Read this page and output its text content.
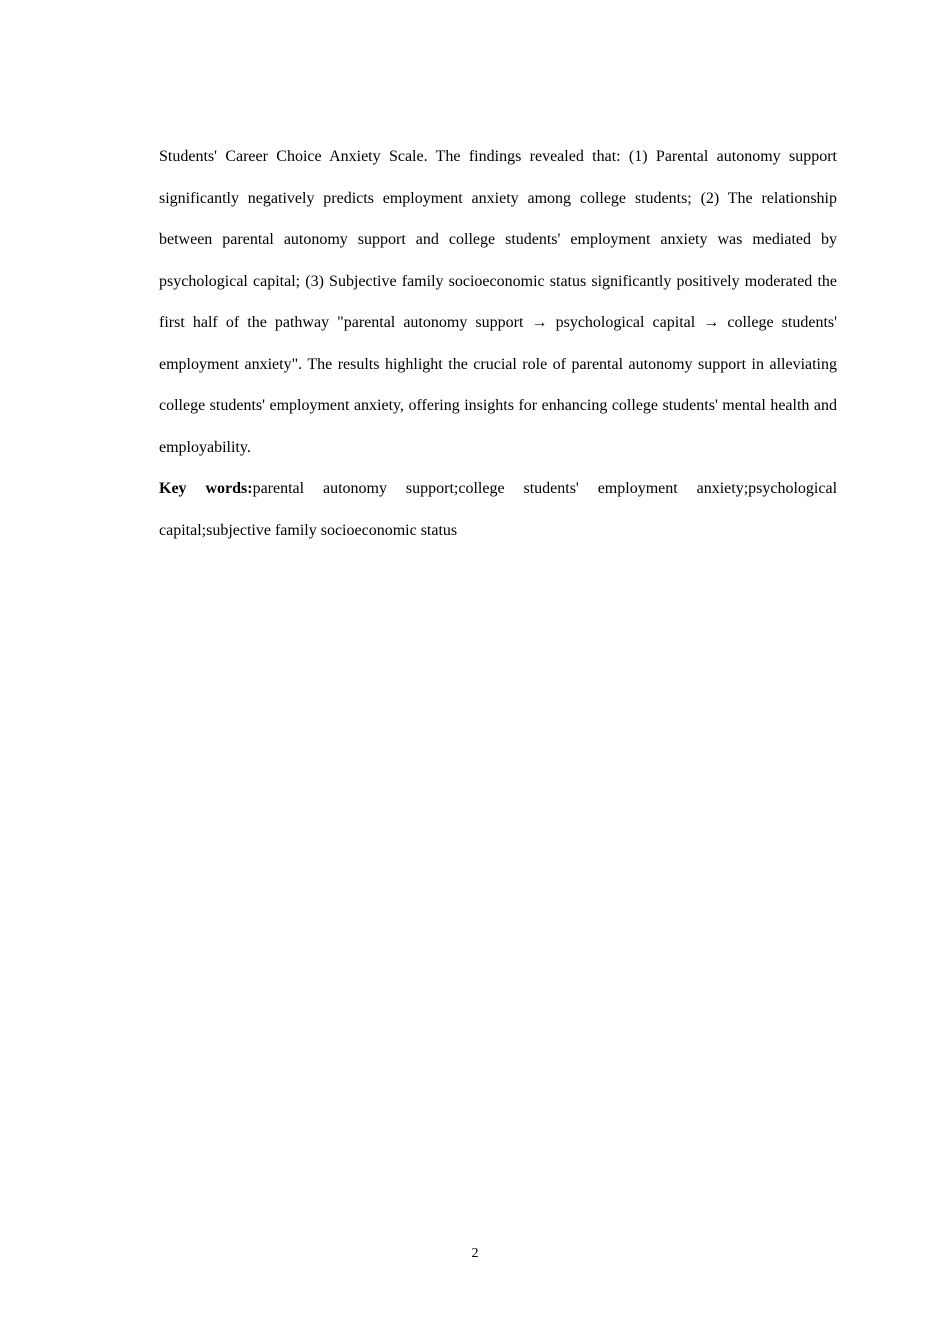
Students' Career Choice Anxiety Scale. The findings revealed that: (1) Parental autonomy support significantly negatively predicts employment anxiety among college students; (2) The relationship between parental autonomy support and college students' employment anxiety was mediated by psychological capital; (3) Subjective family socioeconomic status significantly positively moderated the first half of the pathway "parental autonomy support → psychological capital → college students' employment anxiety". The results highlight the crucial role of parental autonomy support in alleviating college students' employment anxiety, offering insights for enhancing college students' mental health and employability.

Key words:parental autonomy support;college students' employment anxiety;psychological capital;subjective family socioeconomic status

2
